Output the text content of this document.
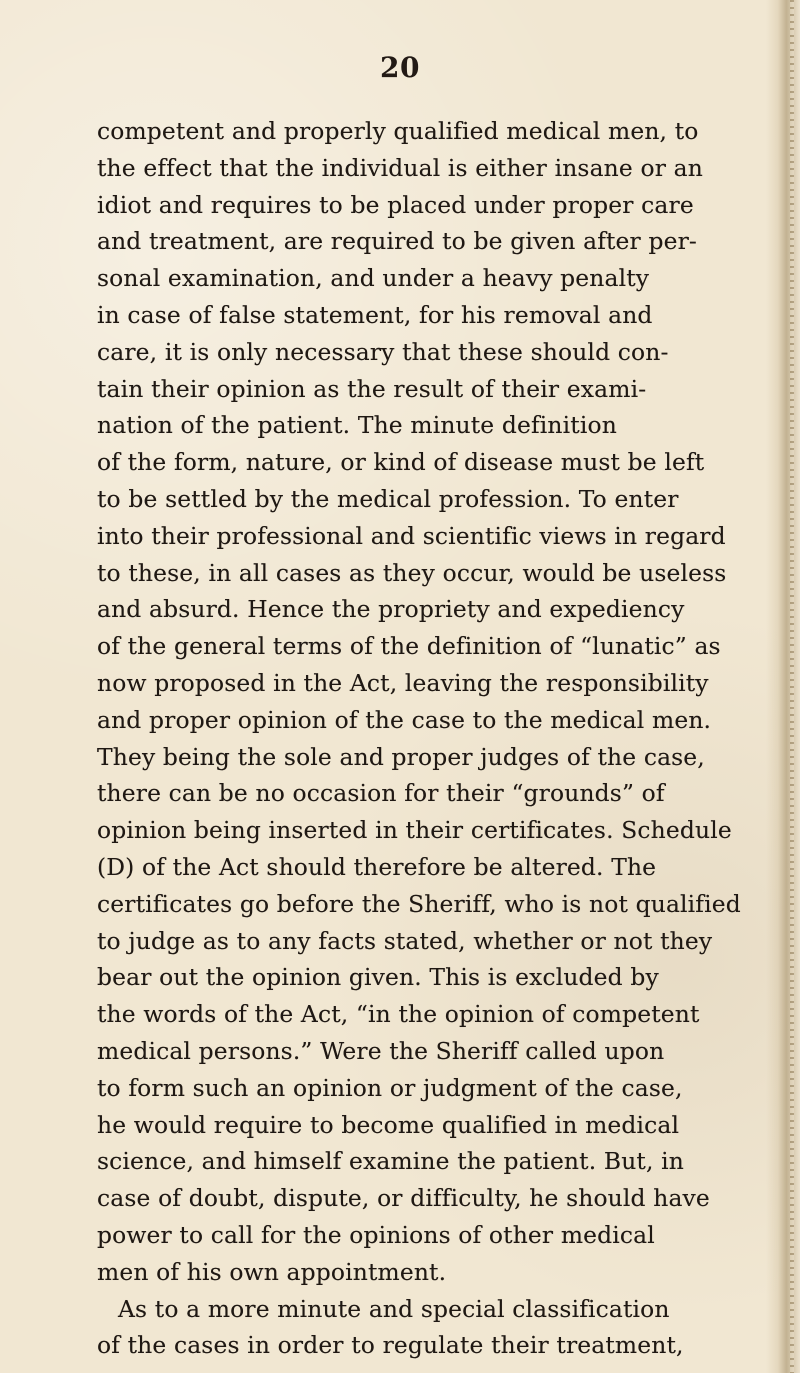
20
competent and properly qualified medical men, to
the effect that the individual is either insane or an
idiot and requires to be placed under proper care
and treatment, are required to be given after per-
sonal examination, and under a heavy penalty
in case of false statement, for his removal and
care, it is only necessary that these should con-
tain their opinion as the result of their exami-
nation of the patient. The minute definition
of the form, nature, or kind of disease must be left
to be settled by the medical profession. To enter
into their professional and scientific views in regard
to these, in all cases as they occur, would be useless
and absurd. Hence the propriety and expediency
of the general terms of the definition of “lunatic” as
now proposed in the Act, leaving the responsibility
and proper opinion of the case to the medical men.
They being the sole and proper judges of the case,
there can be no occasion for their “grounds” of
opinion being inserted in their certificates. Schedule
(D) of the Act should therefore be altered. The
certificates go before the Sheriff, who is not qualified
to judge as to any facts stated, whether or not they
bear out the opinion given. This is excluded by
the words of the Act, “in the opinion of competent
medical persons.” Were the Sheriff called upon
to form such an opinion or judgment of the case,
he would require to become qualified in medical
science, and himself examine the patient. But, in
case of doubt, dispute, or difficulty, he should have
power to call for the opinions of other medical
men of his own appointment.
As to a more minute and special classification
of the cases in order to regulate their treatment,
